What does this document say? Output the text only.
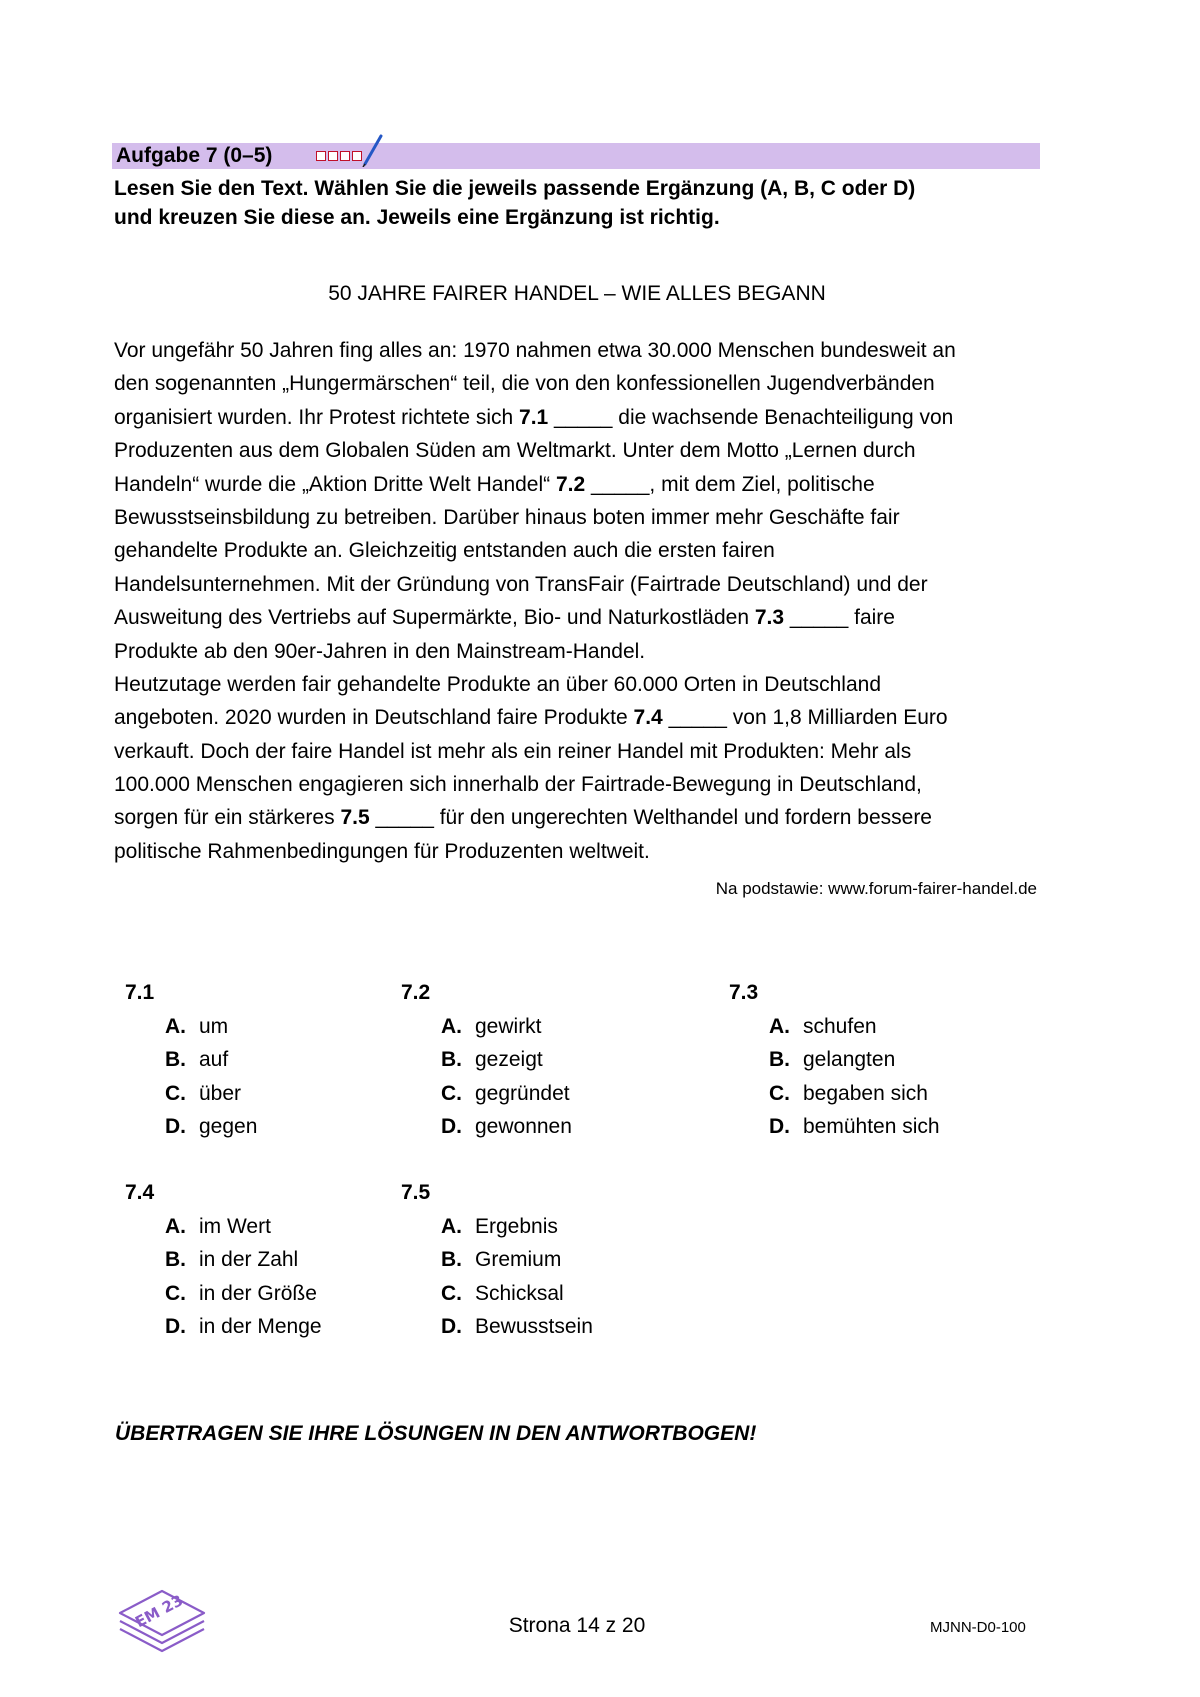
Aufgabe 7 (0–5)
Lesen Sie den Text. Wählen Sie die jeweils passende Ergänzung (A, B, C oder D)
und kreuzen Sie diese an. Jeweils eine Ergänzung ist richtig.
50 JAHRE FAIRER HANDEL – WIE ALLES BEGANN
Vor ungefähr 50 Jahren fing alles an: 1970 nahmen etwa 30.000 Menschen bundesweit an
den sogenannten „Hungermärschen“ teil, die von den konfessionellen Jugendverbänden
organisiert wurden. Ihr Protest richtete sich 7.1 _____ die wachsende Benachteiligung von
Produzenten aus dem Globalen Süden am Weltmarkt. Unter dem Motto „Lernen durch
Handeln“ wurde die „Aktion Dritte Welt Handel“ 7.2 _____, mit dem Ziel, politische
Bewusstseinsbildung zu betreiben. Darüber hinaus boten immer mehr Geschäfte fair
gehandelte Produkte an. Gleichzeitig entstanden auch die ersten fairen
Handelsunternehmen. Mit der Gründung von TransFair (Fairtrade Deutschland) und der
Ausweitung des Vertriebs auf Supermärkte, Bio- und Naturkostläden 7.3 _____ faire
Produkte ab den 90er-Jahren in den Mainstream-Handel.
Heutzutage werden fair gehandelte Produkte an über 60.000 Orten in Deutschland
angeboten. 2020 wurden in Deutschland faire Produkte 7.4 _____ von 1,8 Milliarden Euro
verkauft. Doch der faire Handel ist mehr als ein reiner Handel mit Produkten: Mehr als
100.000 Menschen engagieren sich innerhalb der Fairtrade-Bewegung in Deutschland,
sorgen für ein stärkeres 7.5 _____ für den ungerechten Welthandel und fordern bessere
politische Rahmenbedingungen für Produzenten weltweit.
Na podstawie: www.forum-fairer-handel.de
7.1
A. um
B. auf
C. über
D. gegen
7.2
A. gewirkt
B. gezeigt
C. gegründet
D. gewonnen
7.3
A. schufen
B. gelangten
C. begaben sich
D. bemühten sich
7.4
A. im Wert
B. in der Zahl
C. in der Größe
D. in der Menge
7.5
A. Ergebnis
B. Gremium
C. Schicksal
D. Bewusstsein
ÜBERTRAGEN SIE IHRE LÖSUNGEN IN DEN ANTWORTBOGEN!
EM 23	Strona 14 z 20	MJNN-D0-100
